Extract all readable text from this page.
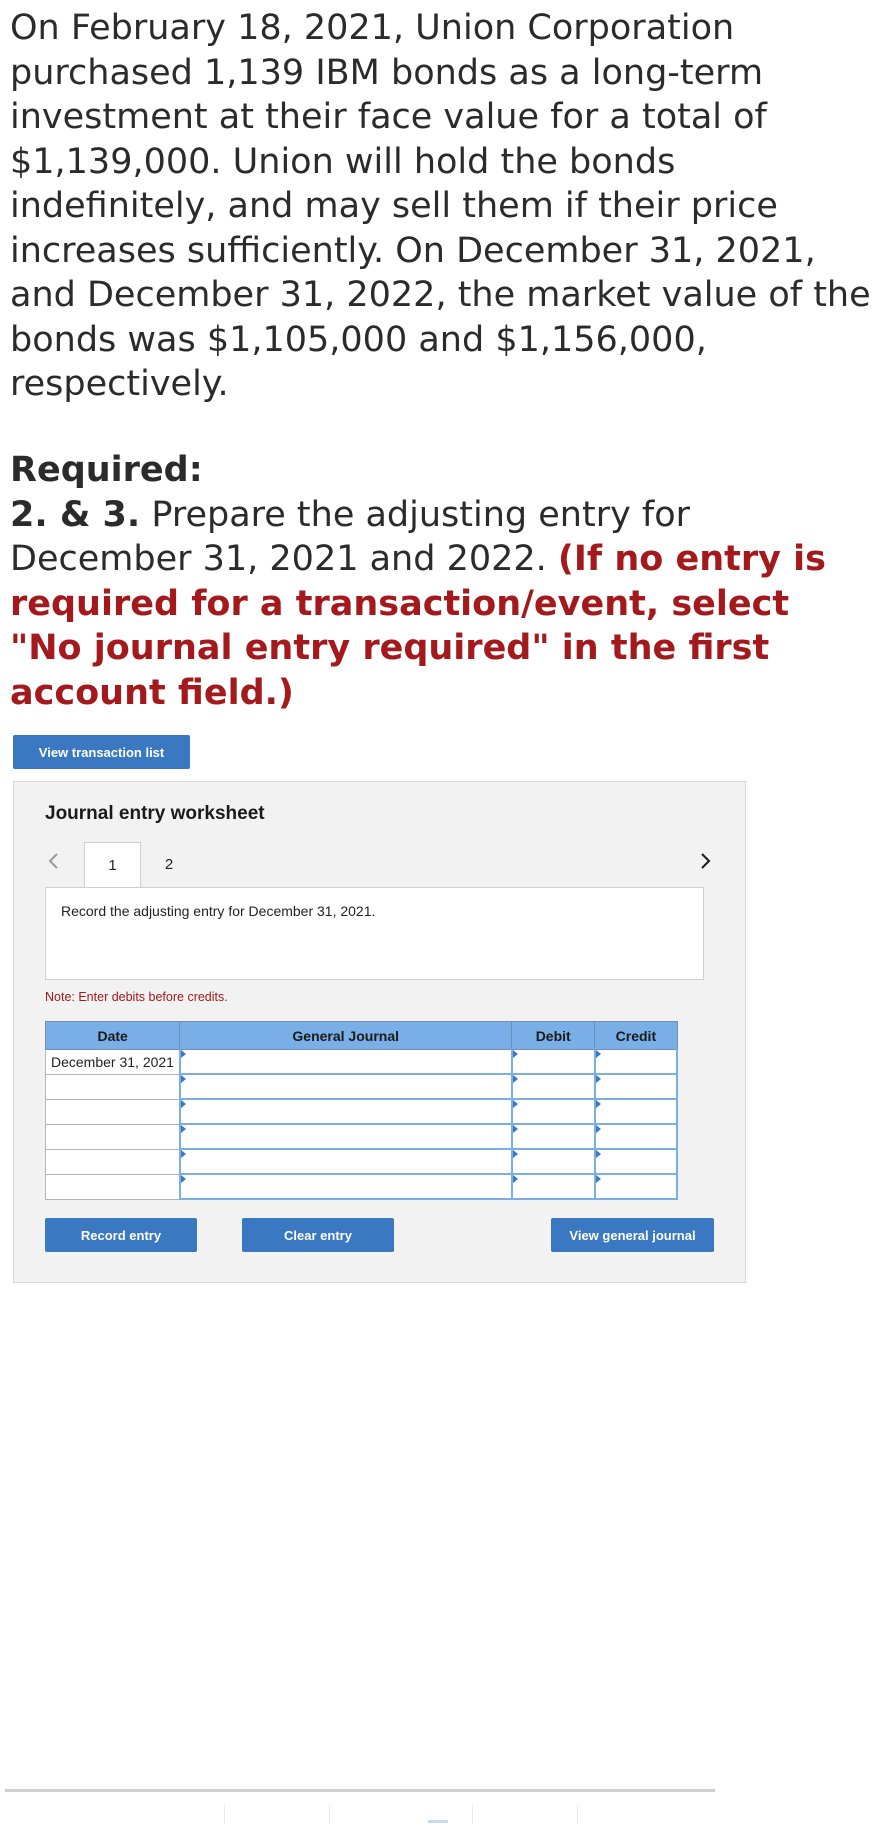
On February 18, 2021, Union Corporation purchased 1,139 IBM bonds as a long-term investment at their face value for a total of $1,139,000. Union will hold the bonds indefinitely, and may sell them if their price increases sufficiently. On December 31, 2021, and December 31, 2022, the market value of the bonds was $1,105,000 and $1,156,000, respectively.

Required:
2. & 3. Prepare the adjusting entry for December 31, 2021 and 2022. (If no entry is required for a transaction/event, select "No journal entry required" in the first account field.)
View transaction list
Journal entry worksheet
1	2
Record the adjusting entry for December 31, 2021.
Note: Enter debits before credits.
Date	General Journal	Debit	Credit
December 31, 2021	

Record entry	Clear entry	View general journal
